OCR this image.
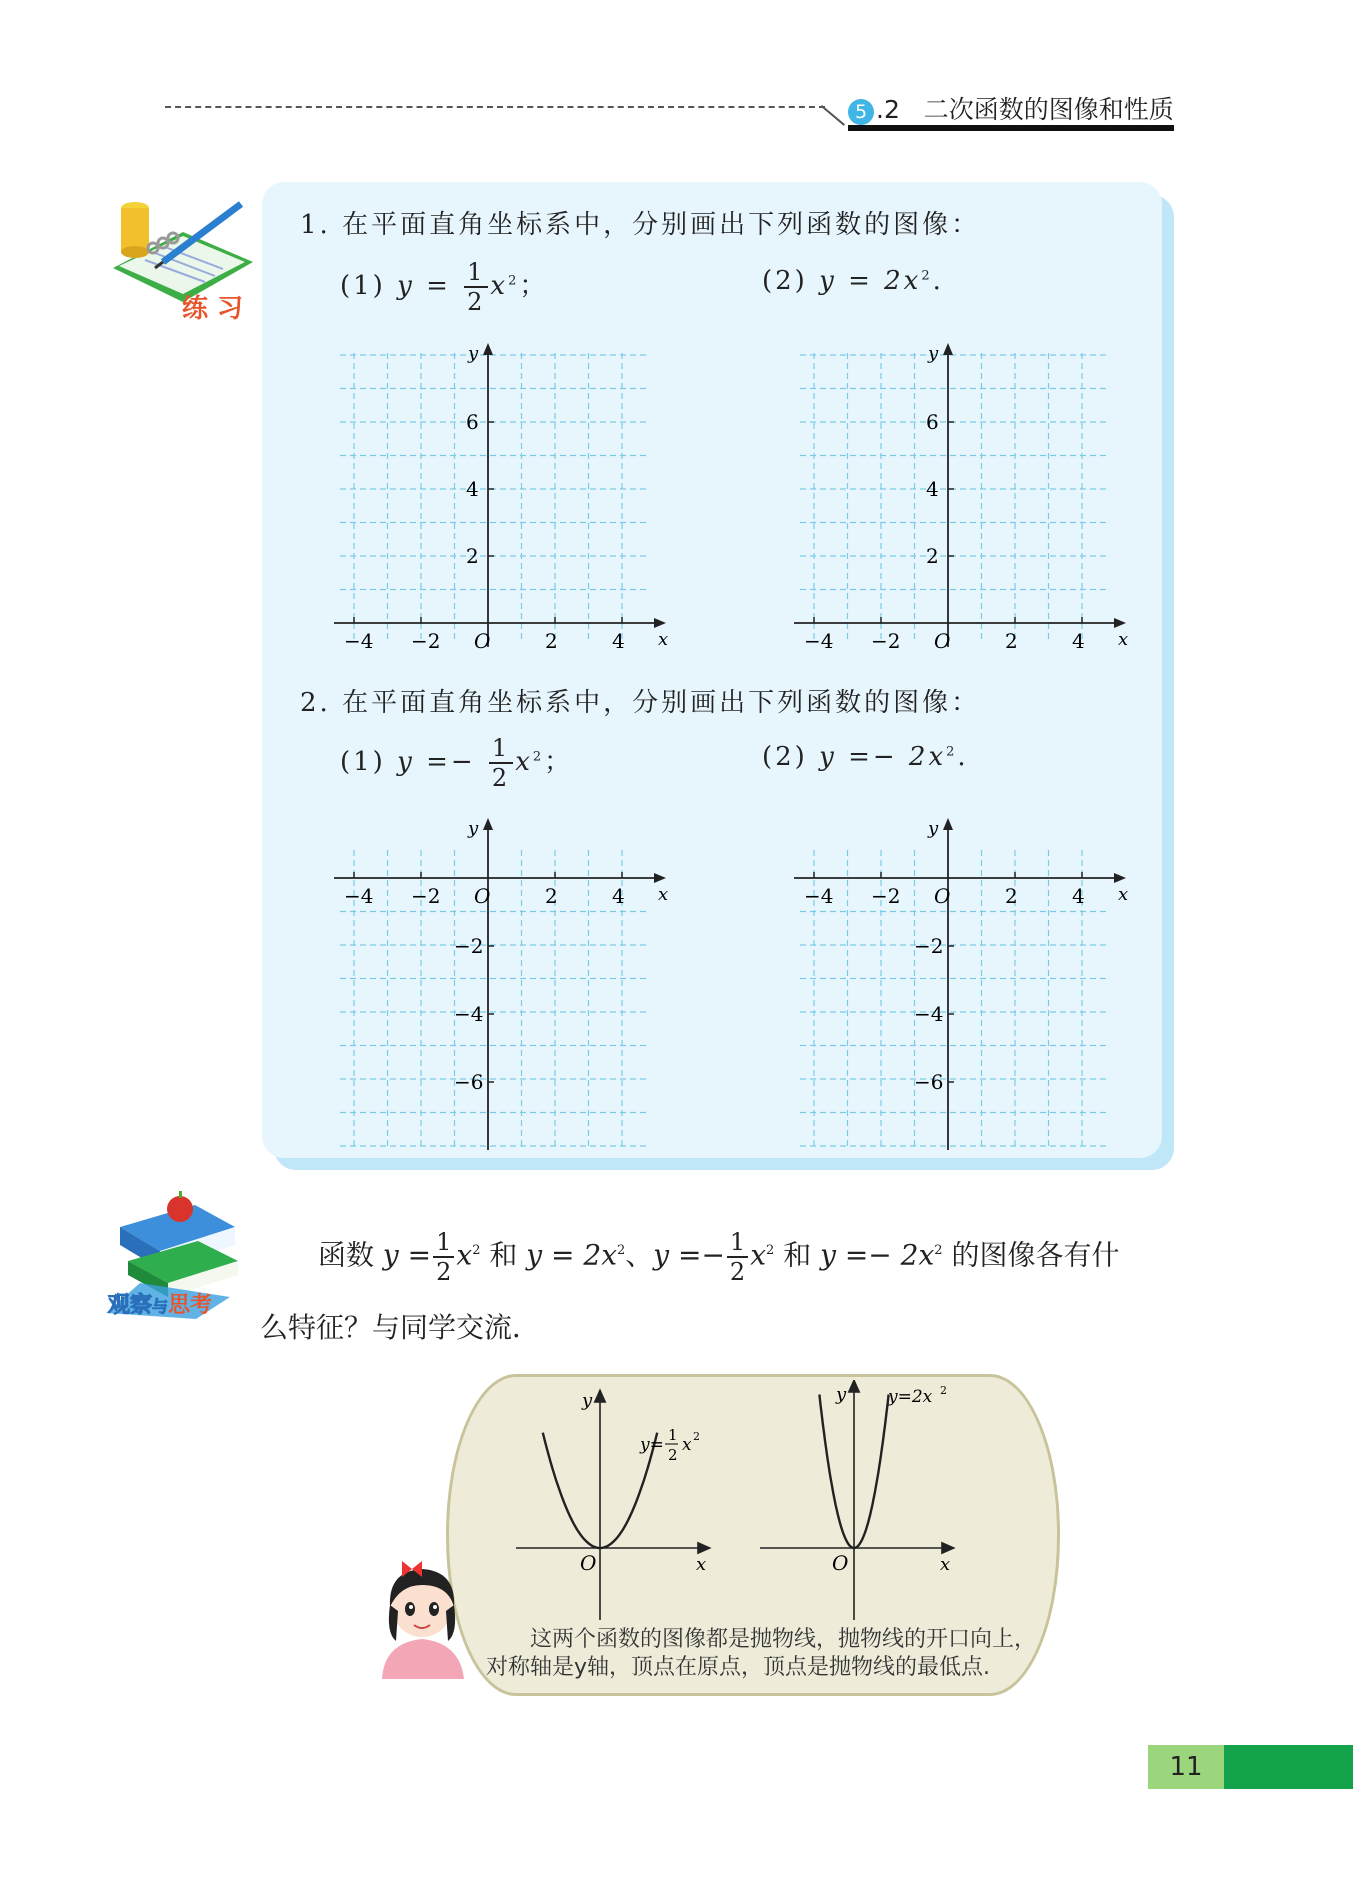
5 .2 二次函数的图像和性质
练 习
1. 在平面直角坐标系中，分别画出下列函数的图像：
(1) $y = \frac{1}{2} x^2$；	(2) $y = 2x^2$.
2. 在平面直角坐标系中，分别画出下列函数的图像：
(1) $y =- \frac{1}{2} x^2$；	(2) $y =- 2x^2$.
−4 −2 O	2	4 x
y
6
4
2
−4 −2 O	2	4 x
y
6
4
2
−4 −2 O	2	4 x
y
−2
−4
−6
−4 −2 O	2	4 x
y
−2
−4
−6
观察与思考
函数 $y = \frac{1}{2} x^2$ 和 $y = 2x^2$、$y =- \frac{1}{2} x^2$ 和 $y =- 2x^2$ 的图像各有什
么特征？与同学交流．
O	x
y
y= 1
2 x 2
O	x
y y=2x 2
这两个函数的图像都是抛物线，抛物线的开口向上，
对称轴是y轴，顶点在原点，顶点是抛物线的最低点.
11
